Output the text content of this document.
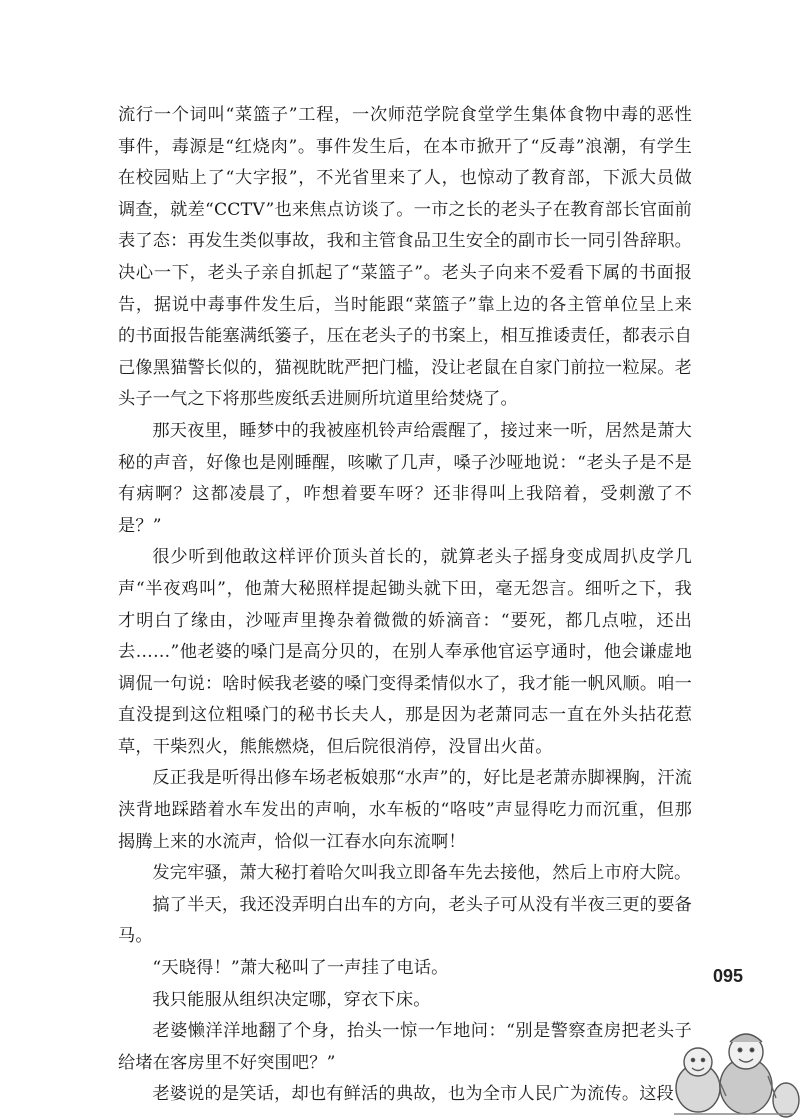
流行一个词叫“菜篮子”工程，一次师范学院食堂学生集体食物中毒的恶性事件，毒源是“红烧肉”。事件发生后，在本市掀开了“反毒”浪潮，有学生在校园贴上了“大字报”，不光省里来了人，也惊动了教育部，下派大员做调查，就差“CCTV”也来焦点访谈了。一市之长的老头子在教育部长官面前表了态：再发生类似事故，我和主管食品卫生安全的副市长一同引咎辞职。决心一下，老头子亲自抓起了“菜篮子”。老头子向来不爱看下属的书面报告，据说中毒事件发生后，当时能跟“菜篮子”靠上边的各主管单位呈上来的书面报告能塞满纸篓子，压在老头子的书案上，相互推诿责任，都表示自己像黑猫警长似的，猫视眈眈严把门槛，没让老鼠在自家门前拉一粒屎。老头子一气之下将那些废纸丢进厕所坑道里给焚烧了。

那天夜里，睡梦中的我被座机铃声给震醒了，接过来一听，居然是萧大秘的声音，好像也是刚睡醒，咳嗽了几声，嗓子沙哑地说：“老头子是不是有病啊？这都凌晨了，咋想着要车呀？还非得叫上我陪着，受刺激了不是？”

很少听到他敢这样评价顶头首长的，就算老头子摇身变成周扒皮学几声“半夜鸡叫”，他萧大秘照样提起锄头就下田，毫无怨言。细听之下，我才明白了缘由，沙哑声里搀杂着微微的娇滴音：“要死，都几点啦，还出去……”他老婆的嗓门是高分贝的，在别人奉承他官运亨通时，他会谦虚地调侃一句说：啥时候我老婆的嗓门变得柔情似水了，我才能一帆风顺。咱一直没提到这位粗嗓门的秘书长夫人，那是因为老萧同志一直在外头拈花惹草，干柴烈火，熊熊燃烧，但后院很消停，没冒出火苗。

反正我是听得出修车场老板娘那“水声”的，好比是老萧赤脚裸胸，汗流浃背地踩踏着水车发出的声响，水车板的“咯吱”声显得吃力而沉重，但那揭腾上来的水流声，恰似一江春水向东流啊！

发完牢骚，萧大秘打着哈欠叫我立即备车先去接他，然后上市府大院。

搞了半天，我还没弄明白出车的方向，老头子可从没有半夜三更的要备马。

“天晓得！”萧大秘叫了一声挂了电话。

我只能服从组织决定哪，穿衣下床。

老婆懒洋洋地翻了个身，抬头一惊一乍地问：“别是警察查房把老头子给堵在客房里不好突围吧？”

老婆说的是笑话，却也有鲜活的典故，也为全市人民广为流传。这段

095
